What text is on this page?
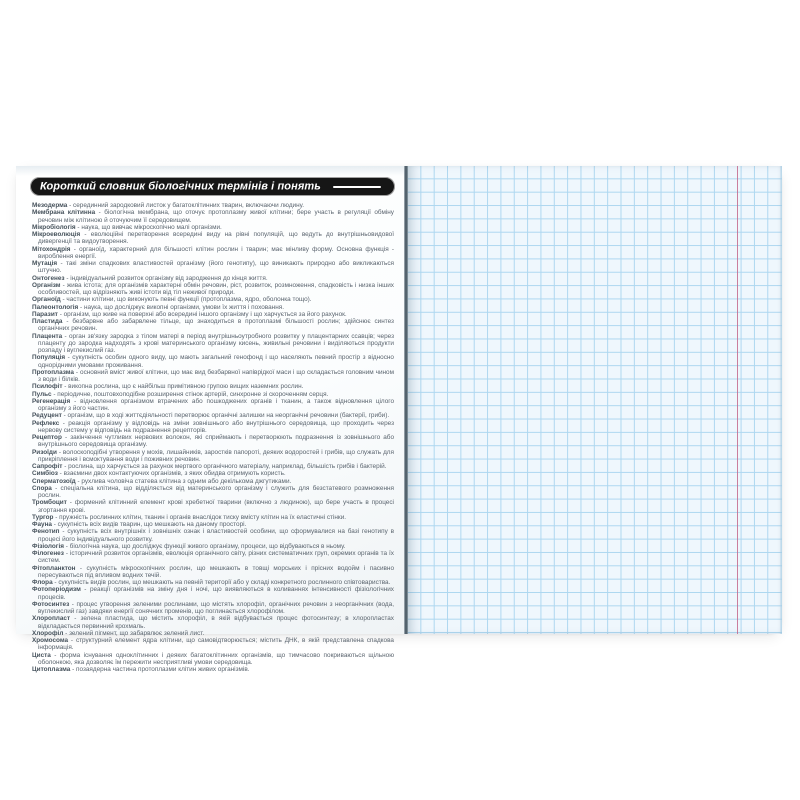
Короткий словник біологічних термінів і понять
Мезодерма - серединний зародковий листок у багатоклітинних тварин, включаючи людину.
Мембрана клітинна - біологічна мембрана, що оточує протоплазму живої клітини; бере участь в регуляції обміну речовин між клітиною й оточуючим її середовищем.
Мікробіологія - наука, що вивчає мікроскопічно малі організми.
Мікроеволюція - еволюційні перетворення всередині виду на рівні популяцій, що ведуть до внутрішньовидової дивергенції та видоутворення.
Мітохондрія - органоїд, характерний для більшості клітин рослин і тварин; має мінливу форму. Основна функція - вироблення енергії.
Мутація - такі зміни спадкових властивостей організму (його генотипу), що виникають природно або викликаються штучно.
Онтогенез - індивідуальний розвиток організму від зародження до кінця життя.
Організм - жива істота; для організмів характерні обмін речовин, ріст, розвиток, розмноження, спадковість і низка інших особливостей, що відрізняють живі істоти від тіл неживої природи.
Органоїд - частини клітини, що виконують певні функції (протоплазма, ядро, оболонка тощо).
Палеонтологія - наука, що досліджує викопні організми, умови їх життя і поховання.
Паразит - організм, що живе на поверхні або всередині іншого організму і що харчується за його рахунок.
Пластида - безбарвне або забарвлене тільце, що знаходиться в протоплазмі більшості рослин; здійснює синтез органічних речовин.
Плацента - орган зв'язку зародка з тілом матері в період внутрішньоутробного розвитку у плацентарних ссавців; через плаценту до зародка надходять з крові материнського організму кисень, живильні речовини і виділяються продукти розпаду і вуглекислий газ.
Популяція - сукупність особин одного виду, що мають загальний генофонд і що населяють певний простір з відносно однорідними умовами проживання.
Протоплазма - основний вміст живої клітини, що має вид безбарвної напіврідкої маси і що складається головним чином з води і білків.
Псилофіт - викопна рослина, що є найбільш примітивною групою вищих наземних рослин.
Пульс - періодичне, поштовхоподібне розширення стінок артерій, синхронне зі скороченням серця.
Регенерація - відновлення організмом втрачених або пошкоджених органів і тканин, а також відновлення цілого організму з його частин.
Редуцент - організм, що в ході життєдіяльності перетворює органічні залишки на неорганічні речовини (бактерії, гриби).
Рефлекс - реакція організму у відповідь на зміни зовнішнього або внутрішнього середовища, що проходить через нервову систему у відповідь на подразнення рецепторів.
Рецептор - закінчення чутливих нервових волокон, які сприймають і перетворюють подразнення із зовнішнього або внутрішнього середовища організму.
Ризоїди - волоскоподібні утворення у мохів, лишайників, заростків папороті, деяких водоростей і грибів, що служать для прикріплення і всмоктування води і поживних речовин.
Сапрофіт - рослина, що харчується за рахунок мертвого органічного матеріалу, наприклад, більшість грибів і бактерій.
Симбіоз - взаємини двох контактуючих організмів, з яких обидва отримують користь.
Сперматозоїд - рухлива чоловіча статева клітина з одним або декількома джгутиками.
Спора - спеціальна клітина, що відділяється від материнського організму і служить для безстатевого розмноження рослин.
Тромбоцит - формений клітинний елемент крові хребетної тварини (включно з людиною), що бере участь в процесі згортання крові.
Тургор - пружність рослинних клітин, тканин і органів внаслідок тиску вмісту клітин на їх еластичні стінки.
Фауна - сукупність всіх видів тварин, що мешкають на даному просторі.
Фенотип - сукупність всіх внутрішніх і зовнішніх ознак і властивостей особини, що сформувалися на базі генотипу в процесі його індивідуального розвитку.
Фізіологія - біологічна наука, що досліджує функції живого організму, процеси, що відбуваються в ньому.
Філогенез - історичний розвиток організмів, еволюція органічного світу, різних систематичних груп, окремих органів та їх систем.
Фітопланктон - сукупність мікроскопічних рослин, що мешкають в товщі морських і прісних водойм і пасивно пересуваються під впливом водних течій.
Флора - сукупність видів рослин, що мешкають на певній території або у складі конкретного рослинного співтовариства.
Фотоперіодизм - реакції організмів на зміну дня і ночі, що виявляються в коливаннях інтенсивності фізіологічних процесів.
Фотосинтез - процес утворення зеленими рослинами, що містять хлорофіл, органічних речовин з неорганічних (вода, вуглекислий газ) завдяки енергії сонячних променів, що поглинається хлорофілом.
Хлоропласт - зелена пластида, що містить хлорофіл, в якій відбувається процес фотосинтезу; в хлоропластах відкладається первинний крохмаль.
Хлорофіл - зелений пігмент, що забарвлює зелений лист.
Хромосома - структурний елемент ядра клітини, що самовідтворюється; містить ДНК, в якій представлена спадкова інформація.
Циста - форма існування одноклітинних і деяких багатоклітинних організмів, що тимчасово покриваються щільною оболонкою, яка дозволяє їм пережити несприятливі умови середовища.
Цитоплазма - позаядерна частина протоплазми клітин живих організмів.
